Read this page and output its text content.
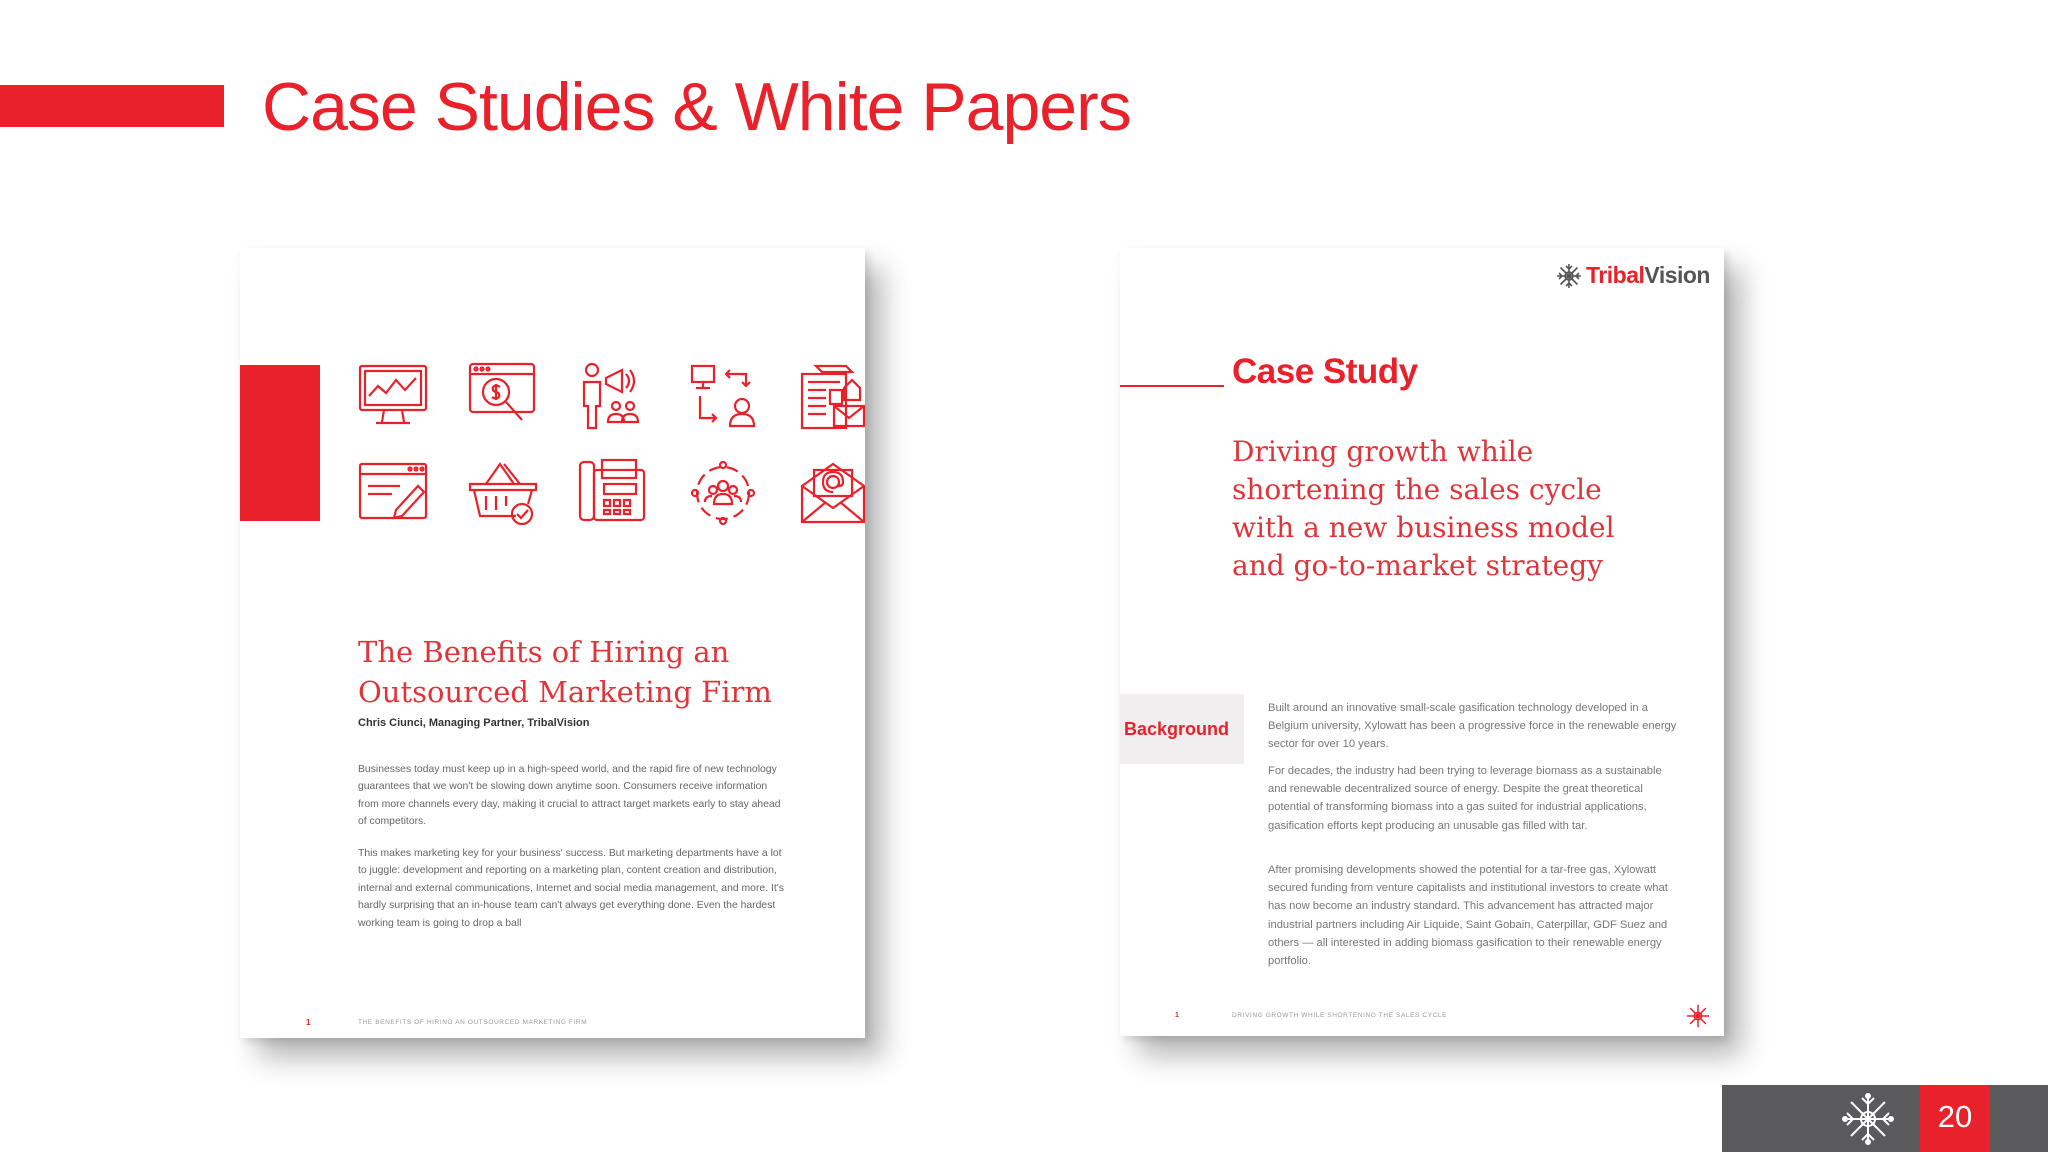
Case Studies & White Papers
The Benefits of Hiring an Outsourced Marketing Firm
Chris Ciunci, Managing Partner, TribalVision
Businesses today must keep up in a high-speed world, and the rapid fire of new technology guarantees that we won't be slowing down anytime soon. Consumers receive information from more channels every day, making it crucial to attract target markets early to stay ahead of competitors.
This makes marketing key for your business' success. But marketing departments have a lot to juggle: development and reporting on a marketing plan, content creation and distribution, internal and external communications, Internet and social media management, and more. It's hardly surprising that an in-house team can't always get everything done. Even the hardest working team is going to drop a ball
1	THE BENEFITS OF HIRING AN OUTSOURCED MARKETING FIRM
TribalVision
Case Study
Driving growth while shortening the sales cycle with a new business model and go-to-market strategy
Background
Built around an innovative small-scale gasification technology developed in a Belgium university, Xylowatt has been a progressive force in the renewable energy sector for over 10 years.
For decades, the industry had been trying to leverage biomass as a sustainable and renewable decentralized source of energy. Despite the great theoretical potential of transforming biomass into a gas suited for industrial applications, gasification efforts kept producing an unusable gas filled with tar.
After promising developments showed the potential for a tar-free gas, Xylowatt secured funding from venture capitalists and institutional investors to create what has now become an industry standard. This advancement has attracted major industrial partners including Air Liquide, Saint Gobain, Caterpillar, GDF Suez and others — all interested in adding biomass gasification to their renewable energy portfolio.
1	DRIVING GROWTH WHILE SHORTENING THE SALES CYCLE
20
